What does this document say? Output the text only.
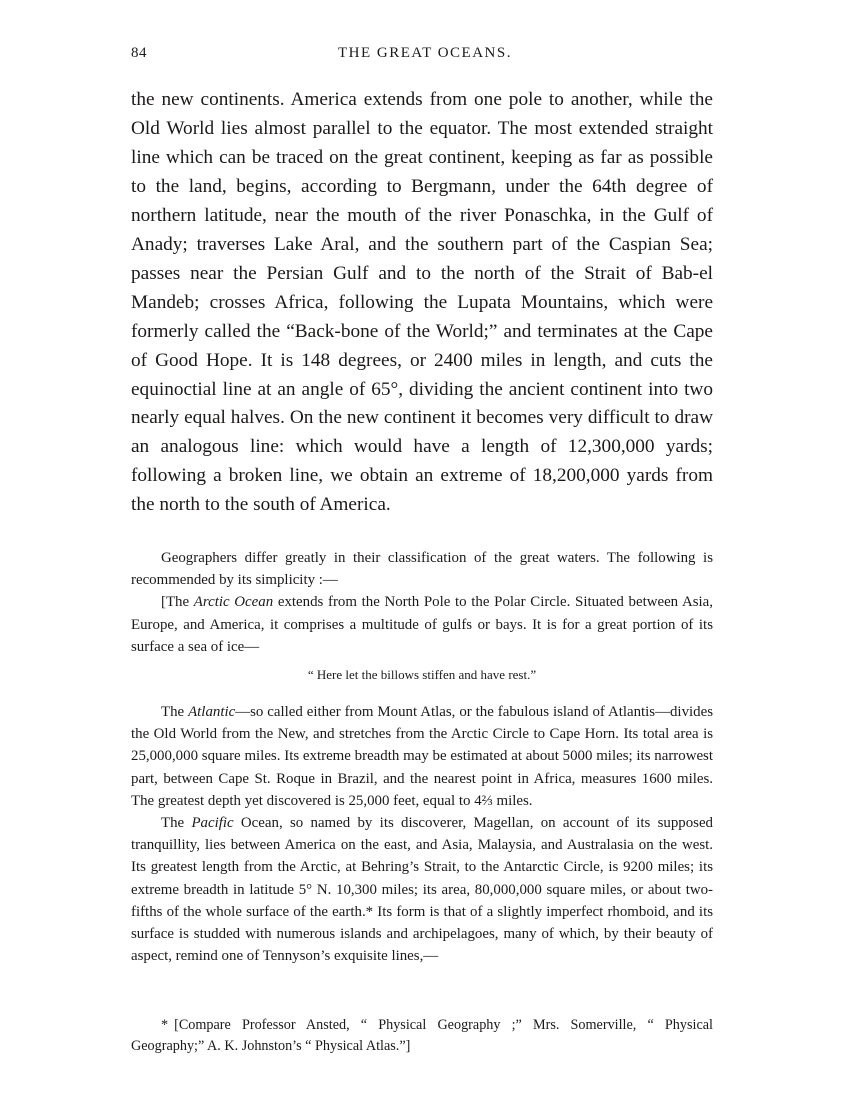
84	THE GREAT OCEANS.

the new continents. America extends from one pole to another, while the Old World lies almost parallel to the equator. The most extended straight line which can be traced on the great continent, keeping as far as possible to the land, begins, according to Bergmann, under the 64th degree of northern latitude, near the mouth of the river Ponaschka, in the Gulf of Anady; traverses Lake Aral, and the southern part of the Caspian Sea; passes near the Persian Gulf and to the north of the Strait of Bab-el Mandeb; crosses Africa, following the Lupata Mountains, which were formerly called the “Back-bone of the World;” and terminates at the Cape of Good Hope. It is 148 degrees, or 2400 miles in length, and cuts the equinoctial line at an angle of 65°, dividing the ancient continent into two nearly equal halves. On the new continent it becomes very difficult to draw an analogous line: which would have a length of 12,300,000 yards; following a broken line, we obtain an extreme of 18,200,000 yards from the north to the south of America.

Geographers differ greatly in their classification of the great waters. The following is recommended by its simplicity :—

[The Arctic Ocean extends from the North Pole to the Polar Circle. Situated between Asia, Europe, and America, it comprises a multitude of gulfs or bays. It is for a great portion of its surface a sea of ice—

“ Here let the billows stiffen and have rest.”

The Atlantic—so called either from Mount Atlas, or the fabulous island of Atlantis—divides the Old World from the New, and stretches from the Arctic Circle to Cape Horn. Its total area is 25,000,000 square miles. Its extreme breadth may be estimated at about 5000 miles; its narrowest part, between Cape St. Roque in Brazil, and the nearest point in Africa, measures 1600 miles. The greatest depth yet discovered is 25,000 feet, equal to 4⅔ miles.

The Pacific Ocean, so named by its discoverer, Magellan, on account of its supposed tranquillity, lies between America on the east, and Asia, Malaysia, and Australasia on the west. Its greatest length from the Arctic, at Behring’s Strait, to the Antarctic Circle, is 9200 miles; its extreme breadth in latitude 5° N. 10,300 miles; its area, 80,000,000 square miles, or about two-fifths of the whole surface of the earth.* Its form is that of a slightly imperfect rhomboid, and its surface is studded with numerous islands and archipelagoes, many of which, by their beauty of aspect, remind one of Tennyson’s exquisite lines,—

* [Compare Professor Ansted, “ Physical Geography ;” Mrs. Somerville, “ Physical Geography;” A. K. Johnston’s “ Physical Atlas.”]
